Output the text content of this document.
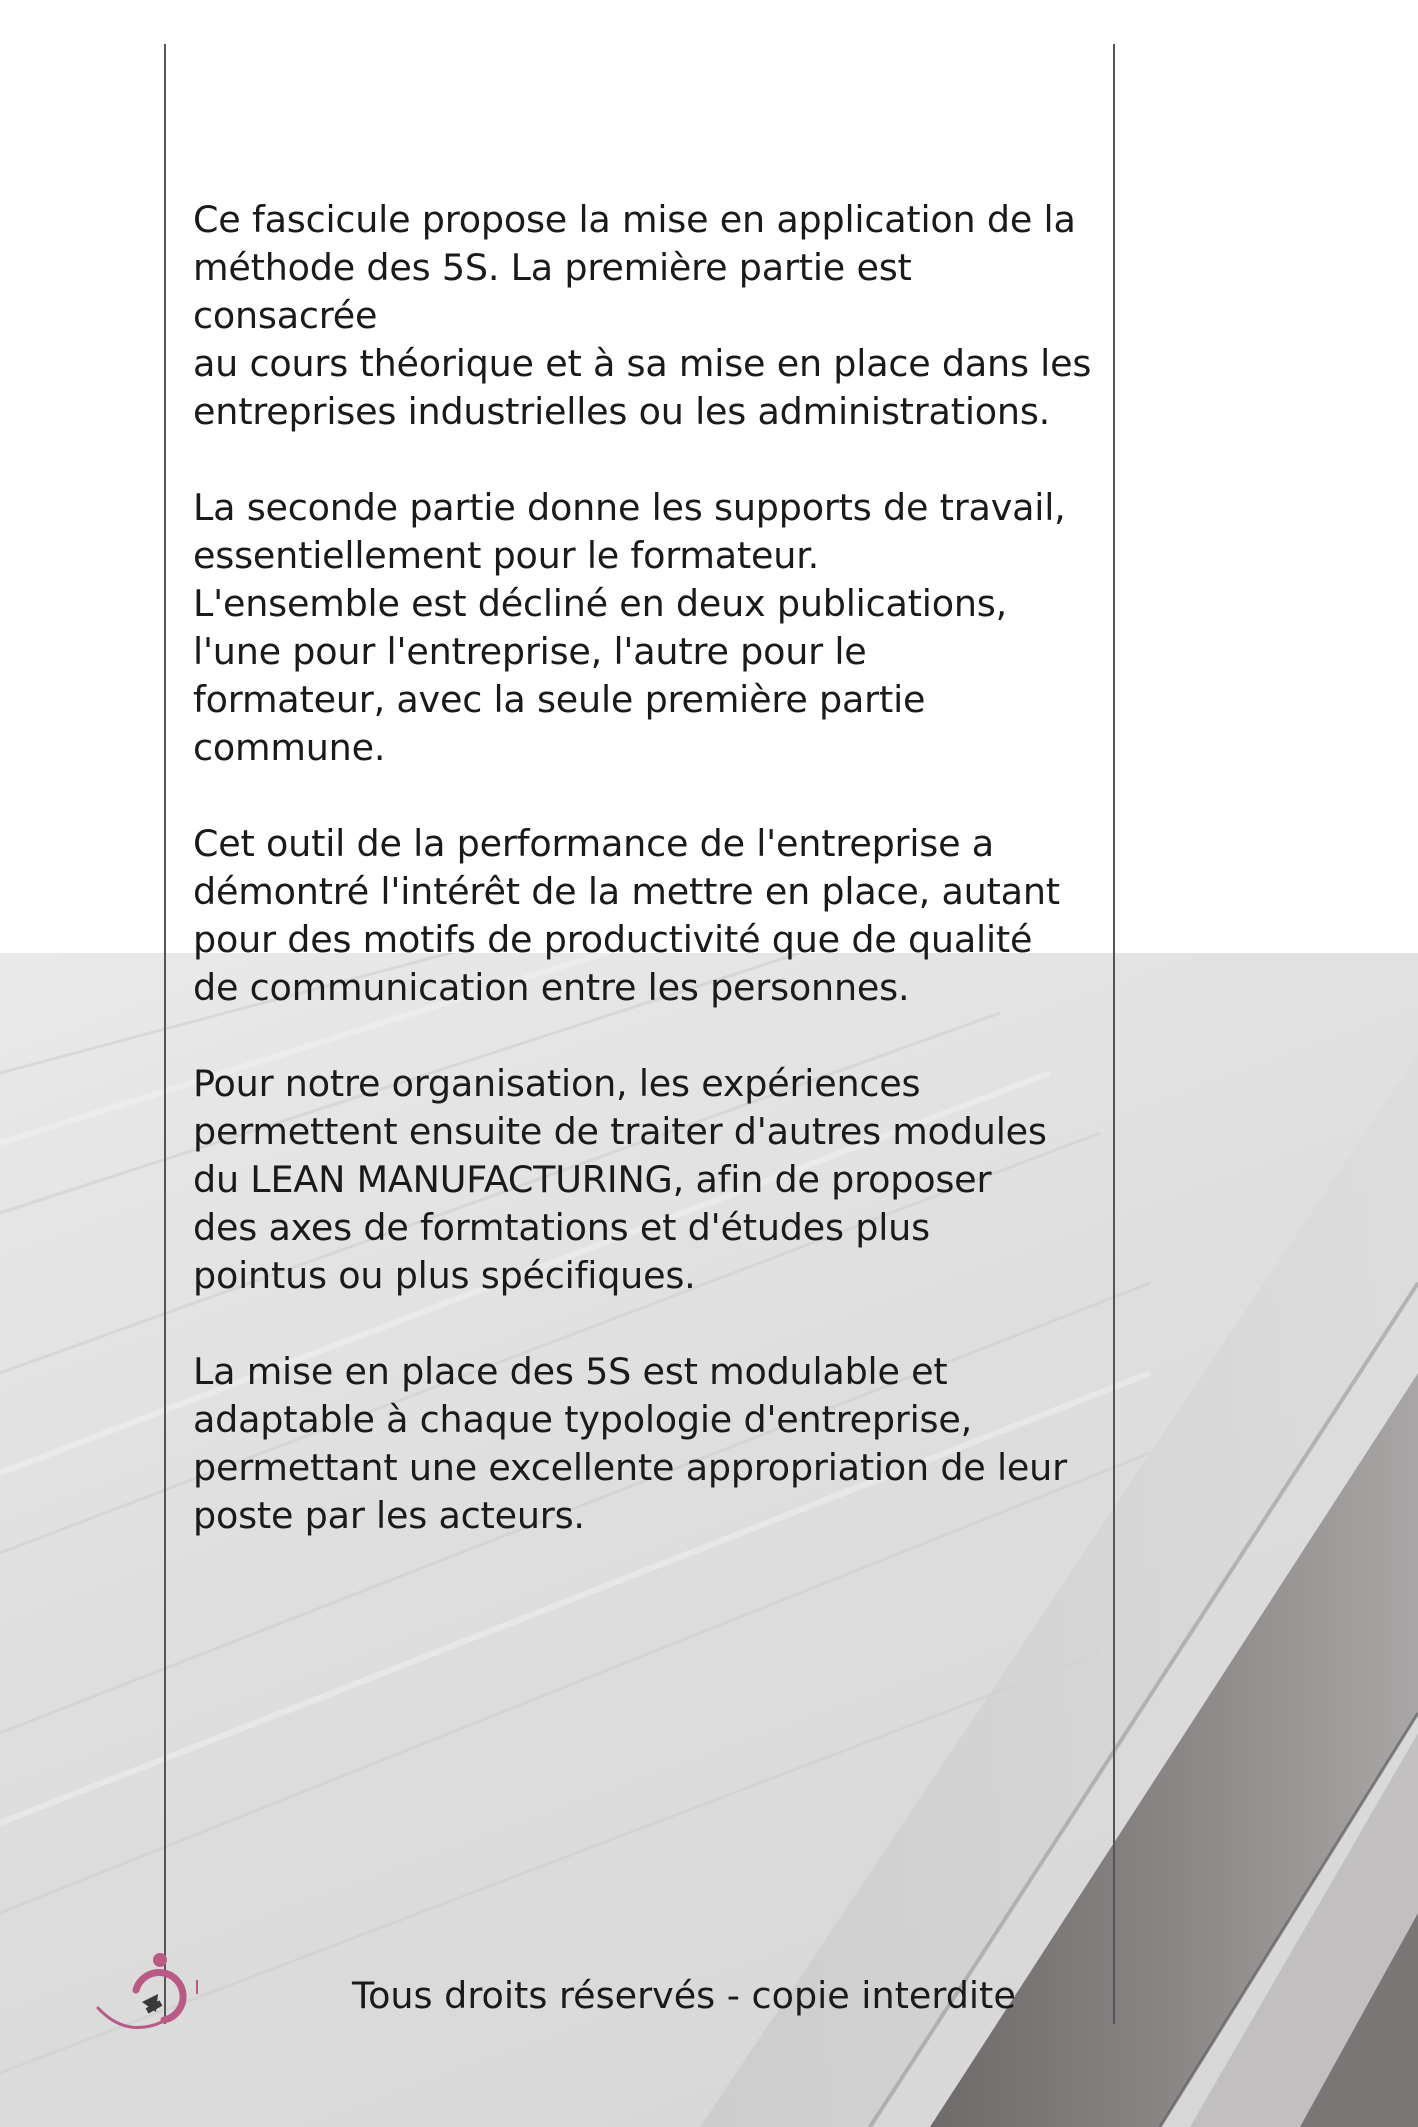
Ce fascicule propose la mise en application de la
méthode des 5S. La première partie est consacrée
au cours théorique et à sa mise en place dans les
entreprises industrielles ou les administrations.

La seconde partie donne les supports de travail,
essentiellement pour le formateur.
L'ensemble est décliné en deux publications,
l'une pour l'entreprise, l'autre pour le
formateur, avec la seule première partie commune.

Cet outil de la performance de l'entreprise a
démontré l'intérêt de la mettre en place, autant
pour des motifs de productivité que de qualité
de communication entre les personnes.

Pour notre organisation, les expériences
permettent ensuite de traiter d'autres modules
du LEAN MANUFACTURING, afin de proposer
des axes de formtations et d'études plus
pointus ou plus spécifiques.

La mise en place des 5S est modulable et
adaptable à chaque typologie d'entreprise,
permettant une excellente appropriation de leur
poste par les acteurs.

Tous droits réservés - copie interdite
